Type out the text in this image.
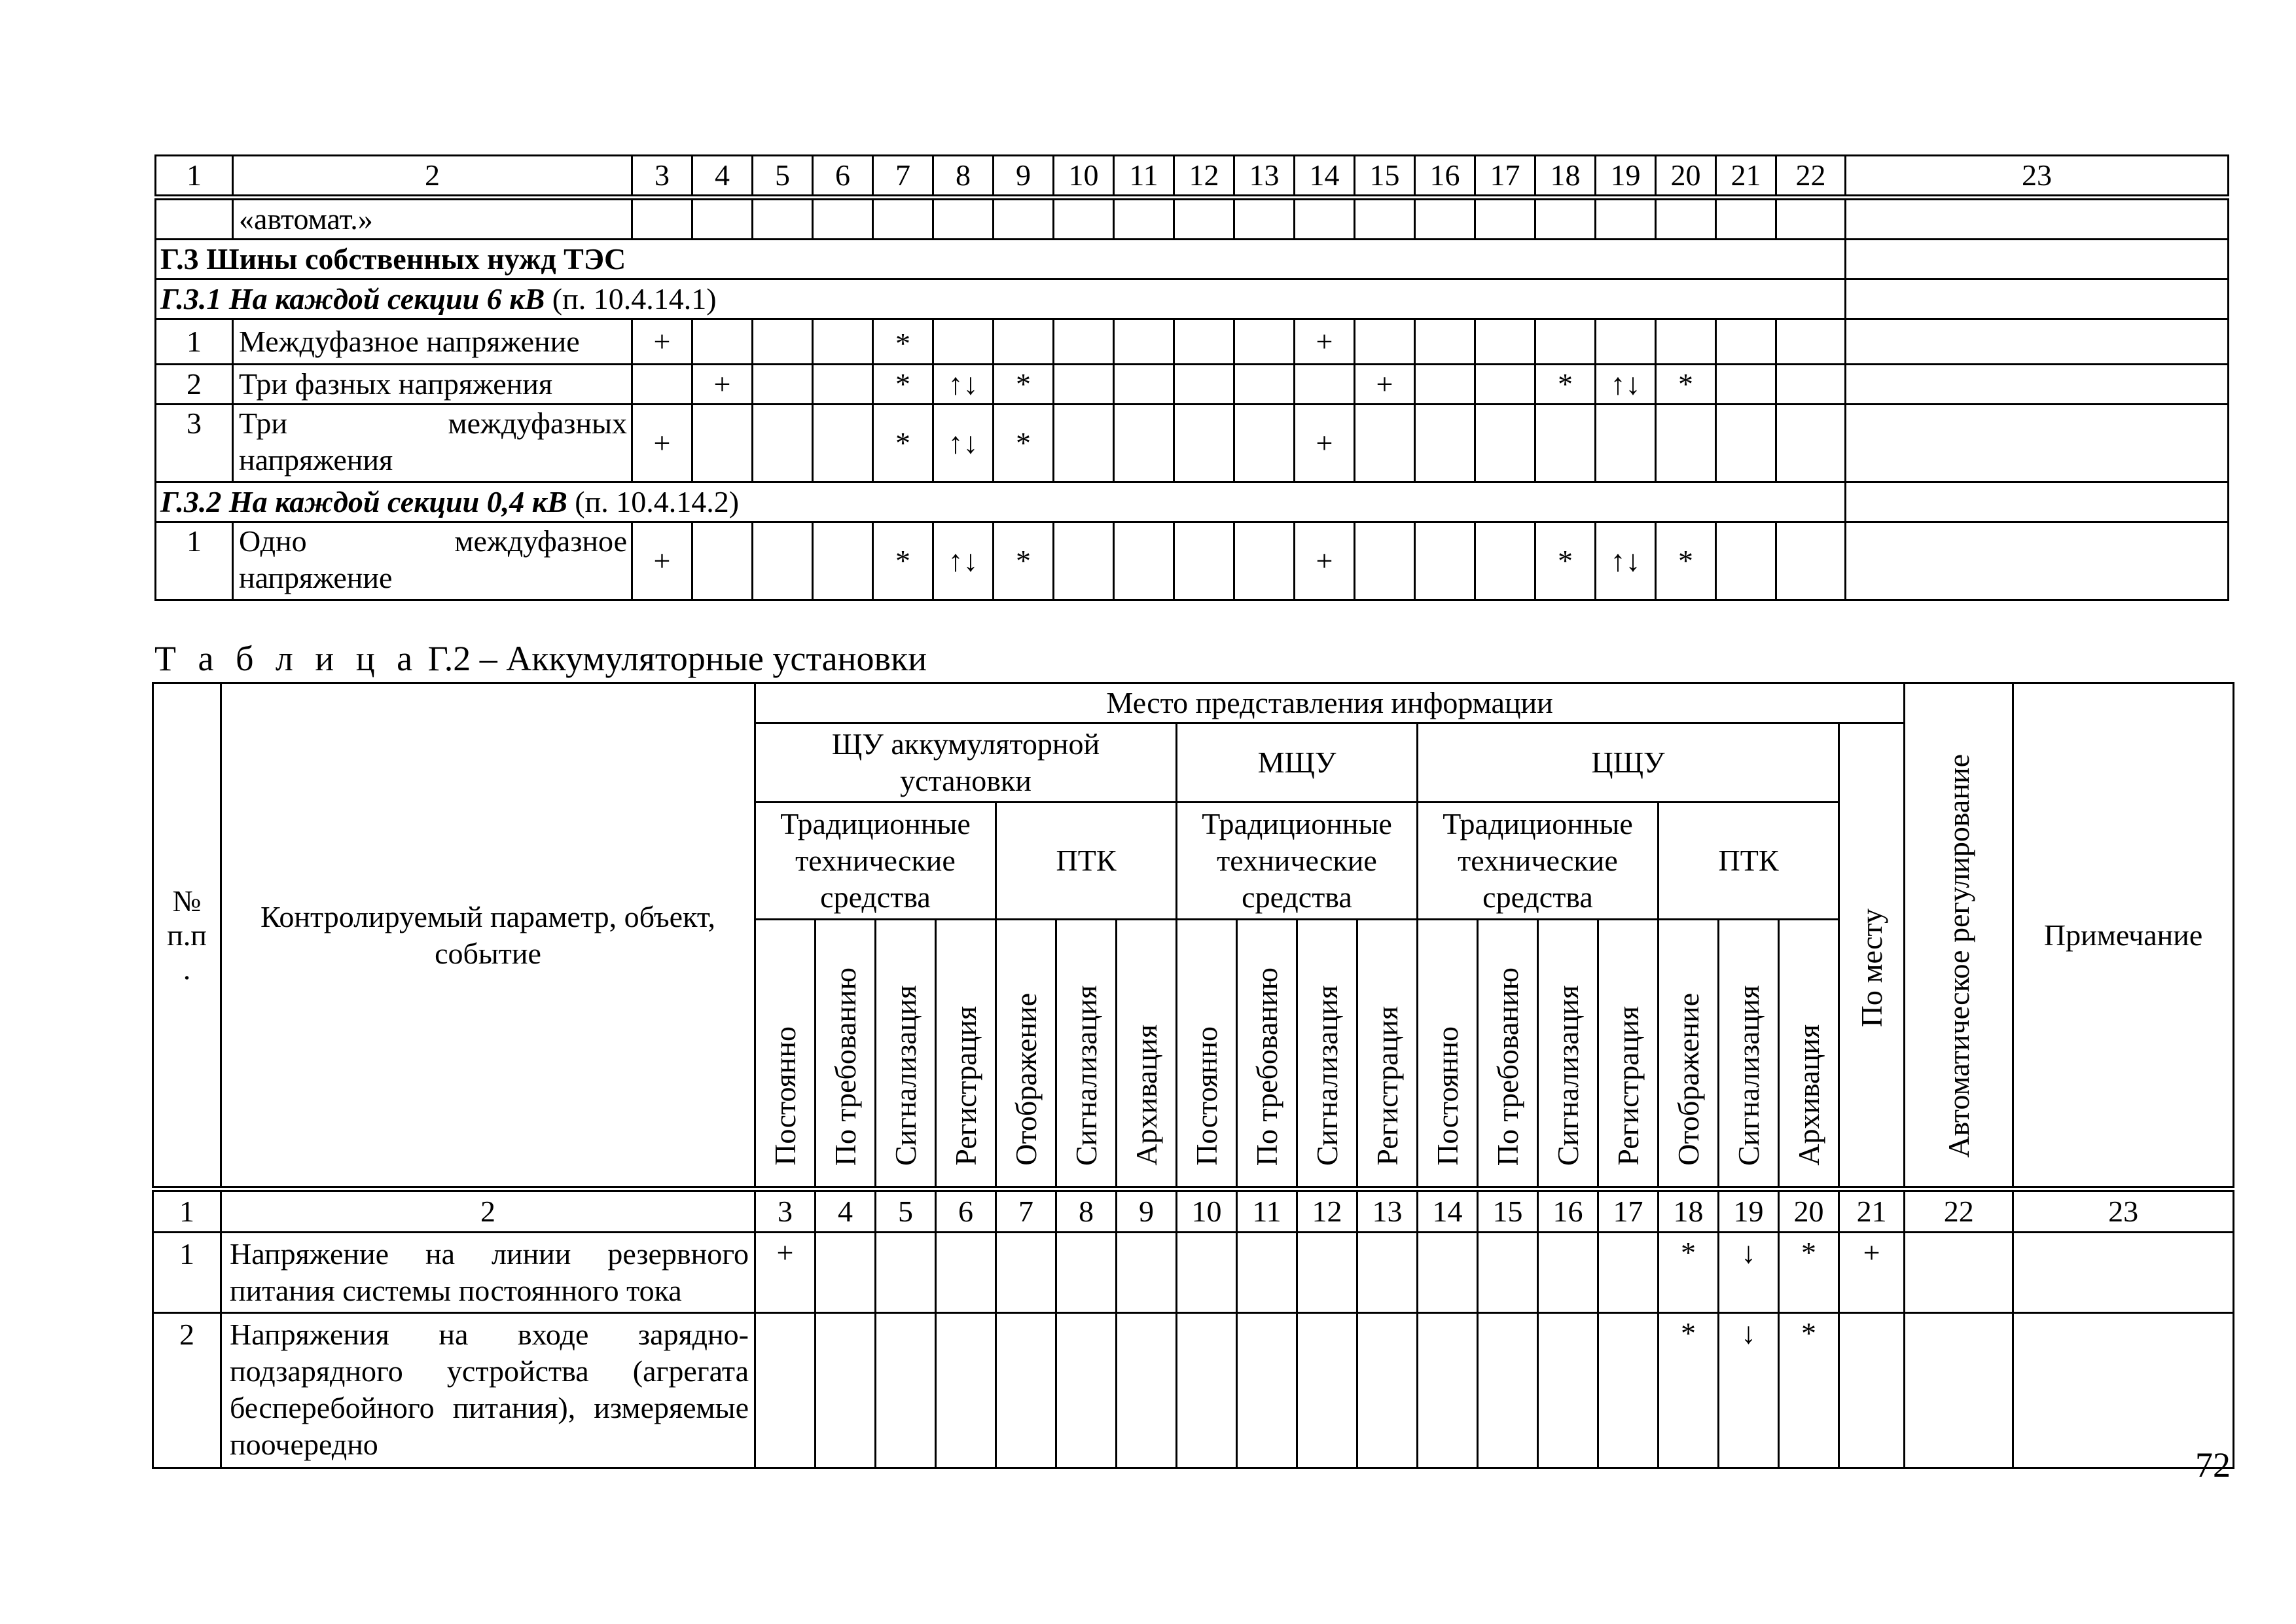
1	2	3	4	5	6	7	8	9	10	11	12	13	14	15	16	17	18	19	20	21	22	23
	«автомат.»																					
Г.3 Шины собственных нужд ТЭС																						
Г.3.1 На каждой секции 6 кВ (п. 10.4.14.1)																						
1	Междуфазное напряжение	+				*							+									
2	Три фазных напряжения		+			*	↑↓	*						+			*	↑↓	*			
3	Три междуфазных
напряжения	+				*	↑↓	*					+									
Г.3.2 На каждой секции 0,4 кВ (п. 10.4.14.2)																						
1	Одно междуфазное
напряжение	+				*	↑↓	*					+				*	↑↓	*			
Т а б л и ц а Г.2 – Аккумуляторные установки
№ п.п .	Контролируемый параметр, объект, событие	Место представления информации																			Автоматическое регулирование	Примечание

		ЩУ аккумуляторной установки							МЩУ				ЦЩУ							По месту		

		Традиционные технические средства				ПТК			Традиционные технические средства				Традиционные технические средства				ПТК					
		Постоянно	По требованию	Сигнализация	Регистрация	Отображение	Сигнализация	Архивация	Постоянно	По требованию	Сигнализация	Регистрация	Постоянно	По требованию	Сигнализация	Регистрация	Отображение	Сигнализация	Архивация			
1	2	3	4	5	6	7	8	9	10	11	12	13	14	15	16	17	18	19	20	21	22	23
1	Напряжение на линии резервного питания системы постоянного тока	+															*	↓	*	+		
2	Напряжения на входе зарядно-подзарядного устройства (агрегата бесперебойного питания), измеряемые поочередно																*	↓	*			
72
